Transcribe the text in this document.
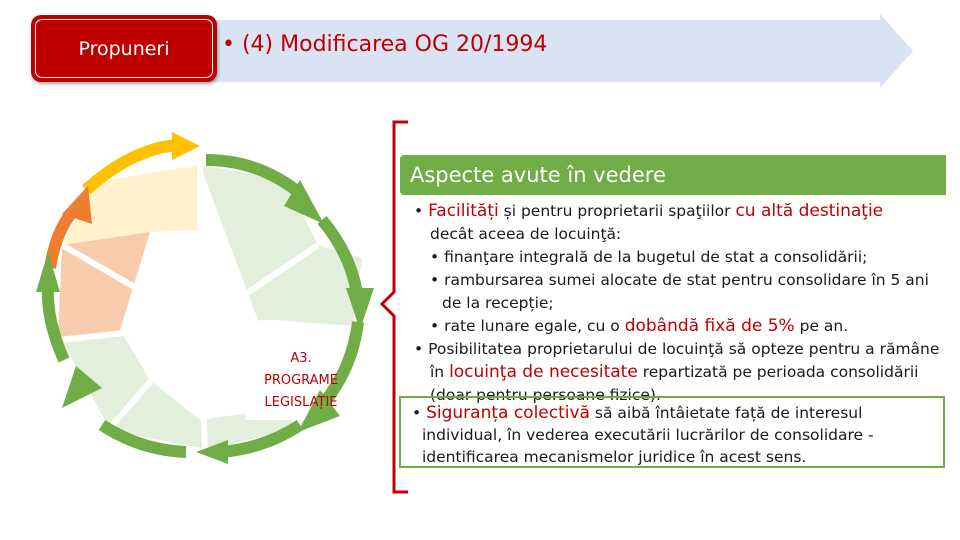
Propuneri	• (4) Modificarea OG 20/1994
A3.
PROGRAME
LEGISLAȚIE
Aspecte avute în vedere

• Facilități și pentru proprietarii spaţiilor cu altă destinaţie

decât aceea de locuinţă:

• finanţare integrală de la bugetul de stat a consolidării;

• rambursarea sumei alocate de stat pentru consolidare în 5 ani de la recepție;

• rate lunare egale, cu o dobândă fixă de 5% pe an.

• Posibilitatea proprietarului de locuinţă să opteze pentru a rămâne în locuinţa de necesitate repartizată pe perioada consolidării (doar pentru persoane fizice).

• Siguranța colectivă să aibă întâietate față de interesul individual, în vederea executării lucrărilor de consolidare - identificarea mecanismelor juridice în acest sens.
